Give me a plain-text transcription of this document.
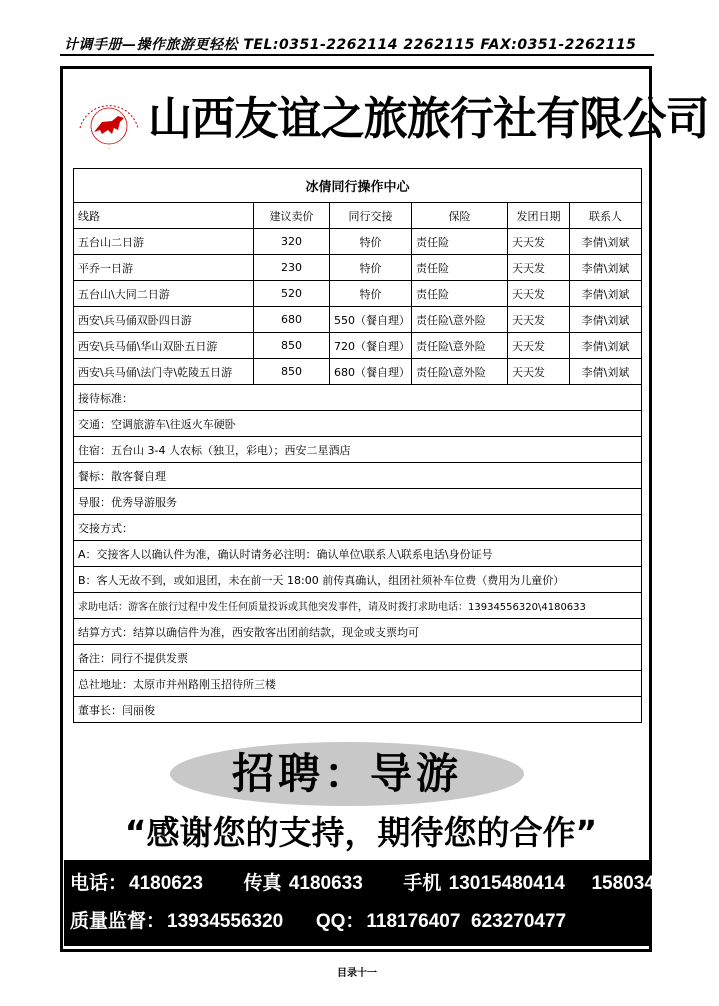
计调手册—操作旅游更轻松 TEL:0351-2262114 2262115 FAX:0351-2262115
·
山西友谊之旅旅行社有限公司
冰倩同行操作中心					
线路	建议卖价	同行交接	保险	发团日期	联系人
五台山二日游	320	特价	责任险	天天发	李倩\刘斌
平乔一日游	230	特价	责任险	天天发	李倩\刘斌
五台山\大同二日游	520	特价	责任险	天天发	李倩\刘斌
西安\兵马俑双卧四日游	680	550（餐自理）	责任险\意外险	天天发	李倩\刘斌
西安\兵马俑\华山双卧五日游	850	720（餐自理）	责任险\意外险	天天发	李倩\刘斌
西安\兵马俑\法门寺\乾陵五日游	850	680（餐自理）	责任险\意外险	天天发	李倩\刘斌
接待标准：					
交通：空调旅游车\往返火车硬卧					
住宿：五台山 3-4 人农标（独卫，彩电）；西安二星酒店					
餐标：散客餐自理					
导服：优秀导游服务					
交接方式：					
A：交接客人以确认件为准，确认时请务必注明：确认单位\联系人\联系电话\身份证号					
B：客人无故不到，或如退团，未在前一天 18:00 前传真确认，组团社须补车位费（费用为儿童价）					
求助电话：游客在旅行过程中发生任何质量投诉或其他突发事件，请及时拨打求助电话：13934556320\4180633					
结算方式：结算以确信件为准，西安散客出团前结款，现金或支票均可					
备注：同行不提供发票					
总社地址：太原市并州路刚玉招待所三楼					
董事长：闫丽俊					
招聘：导游
“感谢您的支持，期待您的合作”
电话： 4180623 传真 4180633 手机 13015480414 15803400521
质量监督： 13934556320 QQ： 118176407  623270477
目录十一
